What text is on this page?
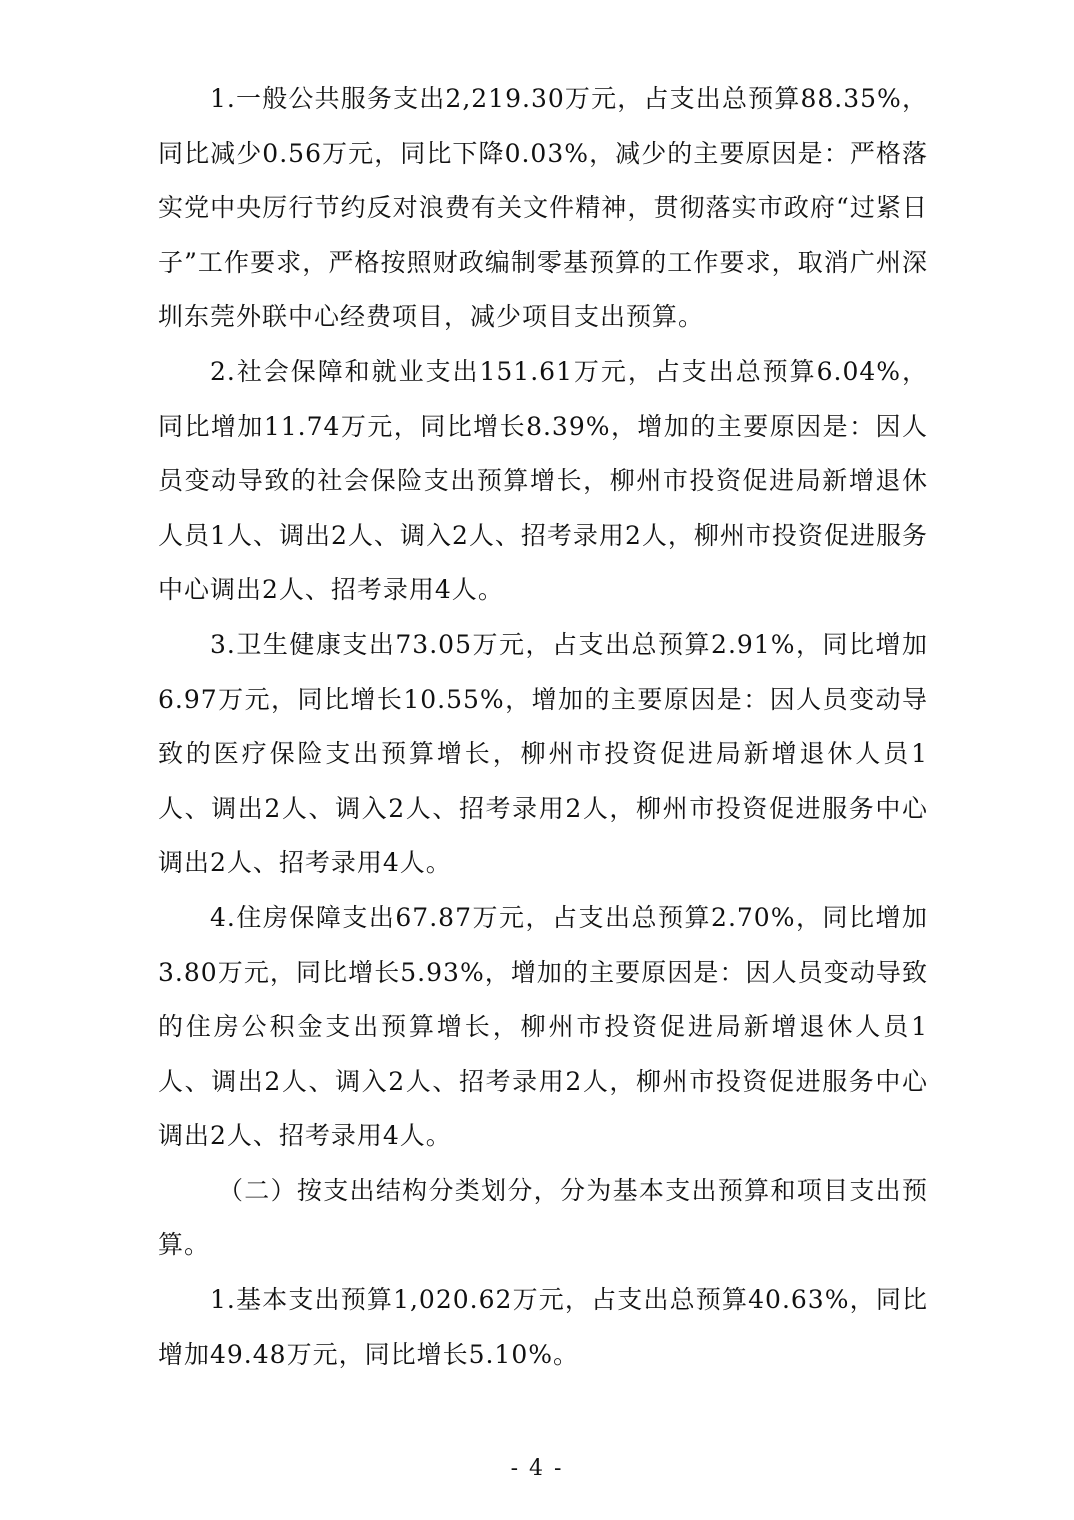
1.一般公共服务支出2,219.30万元，占支出总预算88.35%，同比减少0.56万元，同比下降0.03%，减少的主要原因是：严格落实党中央厉行节约反对浪费有关文件精神，贯彻落实市政府“过紧日子”工作要求，严格按照财政编制零基预算的工作要求，取消广州深圳东莞外联中心经费项目，减少项目支出预算。

2.社会保障和就业支出151.61万元，占支出总预算6.04%，同比增加11.74万元，同比增长8.39%，增加的主要原因是：因人员变动导致的社会保险支出预算增长，柳州市投资促进局新增退休人员1人、调出2人、调入2人、招考录用2人，柳州市投资促进服务中心调出2人、招考录用4人。

3.卫生健康支出73.05万元，占支出总预算2.91%，同比增加6.97万元，同比增长10.55%，增加的主要原因是：因人员变动导致的医疗保险支出预算增长，柳州市投资促进局新增退休人员1人、调出2人、调入2人、招考录用2人，柳州市投资促进服务中心调出2人、招考录用4人。

4.住房保障支出67.87万元，占支出总预算2.70%，同比增加3.80万元，同比增长5.93%，增加的主要原因是：因人员变动导致的住房公积金支出预算增长，柳州市投资促进局新增退休人员1人、调出2人、调入2人、招考录用2人，柳州市投资促进服务中心调出2人、招考录用4人。

（二）按支出结构分类划分，分为基本支出预算和项目支出预算。

1.基本支出预算1,020.62万元，占支出总预算40.63%，同比增加49.48万元，同比增长5.10%。

- 4 -
